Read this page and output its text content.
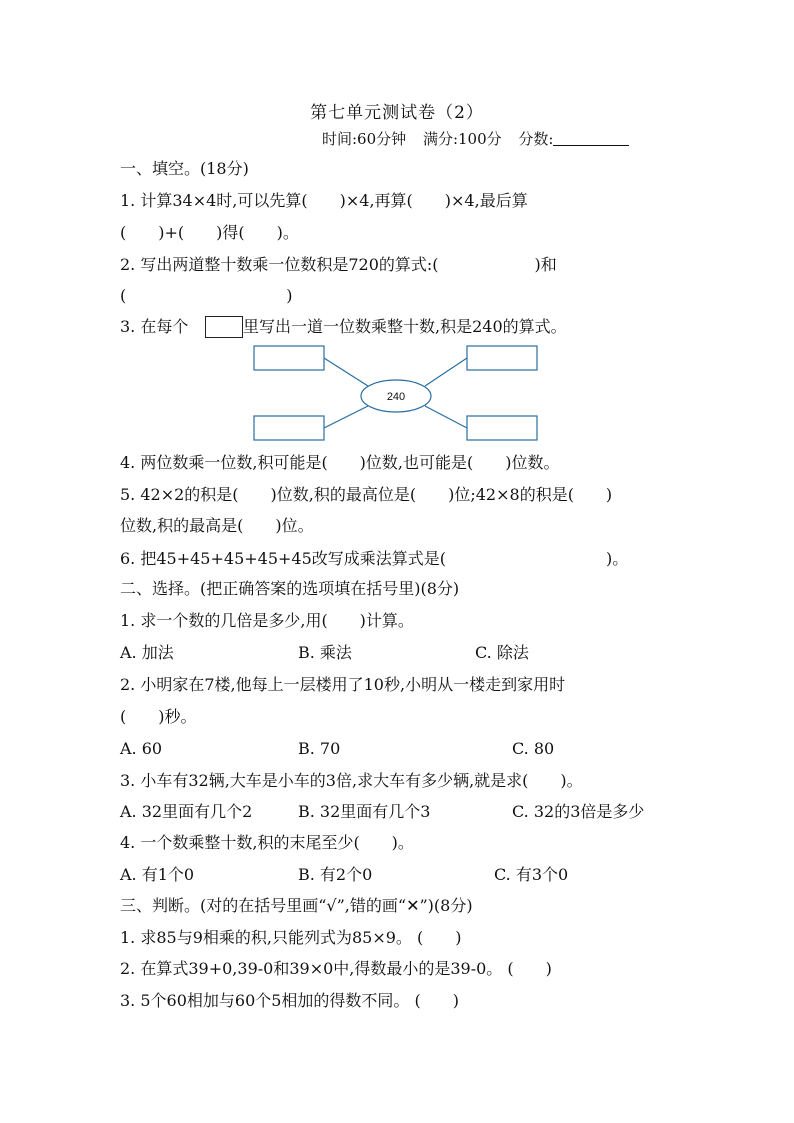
第七单元测试卷（2）
时间:60分钟 满分:100分 分数:
一、填空。(18分)
1. 计算34×4时,可以先算(　　)×4,再算(　　)×4,最后算
(　　)+(　　)得(　　)。
2. 写出两道整十数乘一位数积是720的算式:(　　　　　　)和
(　　　　　　　　　　)
3. 在每个	里写出一道一位数乘整十数,积是240的算式。
240
4. 两位数乘一位数,积可能是(　　)位数,也可能是(　　)位数。
5. 42×2的积是(　　)位数,积的最高位是(　　)位;42×8的积是(　　)
位数,积的最高是(　　)位。
6. 把45+45+45+45+45改写成乘法算式是(　　　　　　　　　　)。
二、选择。(把正确答案的选项填在括号里)(8分)
1. 求一个数的几倍是多少,用(　　)计算。
A. 加法	B. 乘法	C. 除法
2. 小明家在7楼,他每上一层楼用了10秒,小明从一楼走到家用时
(　　)秒。
A. 60	B. 70	C. 80
3. 小车有32辆,大车是小车的3倍,求大车有多少辆,就是求(　　)。
A. 32里面有几个2	B. 32里面有几个3	C. 32的3倍是多少
4. 一个数乘整十数,积的末尾至少(　　)。
A. 有1个0	B. 有2个0	C. 有3个0
三、判断。(对的在括号里画“√”,错的画“✕”)(8分)
1. 求85与9相乘的积,只能列式为85×9。 (　　)
2. 在算式39+0,39-0和39×0中,得数最小的是39-0。 (　　)
3. 5个60相加与60个5相加的得数不同。 (　　)
